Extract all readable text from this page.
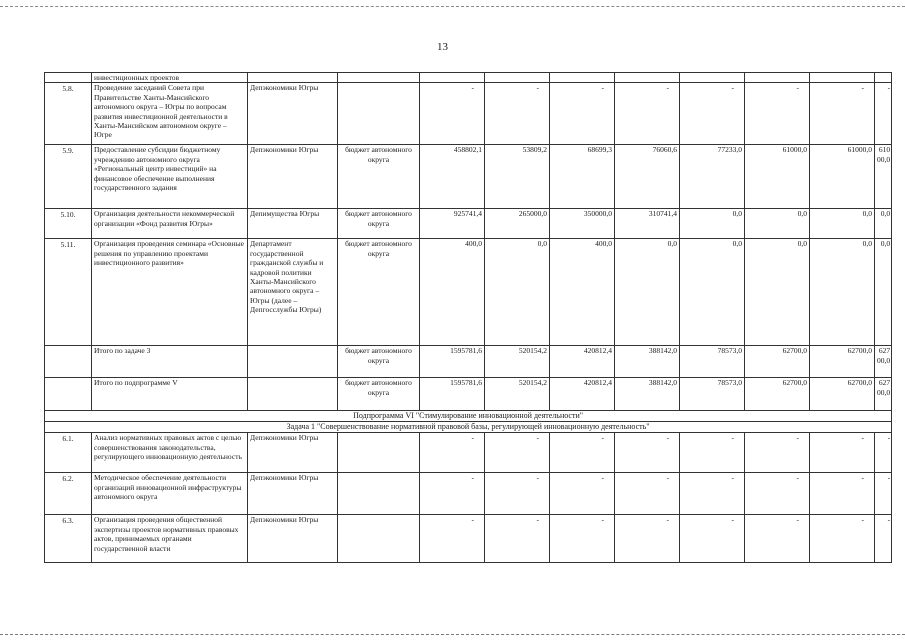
13
	инвестиционных проектов										
5.8.	Проведение заседаний Совета при Правительстве Ханты-Мансийского автономного округа – Югры по вопросам развития инвестиционной деятельности в Ханты-Мансийском автономном округе – Югре	Депэкономики Югры		-	-	-	-	-	-	-	-
5.9.	Предоставление субсидии бюджетному учреждению автономного округа «Региональный центр инвестиций» на финансовое обеспечение выполнения государственного задания	Депэкономики Югры	бюджет автономного округа	458802,1	53809,2	68699,3	76060,6	77233,0	61000,0	61000,0	610 00,0
5.10.	Организация деятельности некоммерческой организации «Фонд развития Югры»	Депимущества Югры	бюджет автономного округа	925741,4	265000,0	350000,0	310741,4	0,0	0,0	0,0	0,0
5.11.	Организация проведения семинара «Основные решения по управлению проектами инвестиционного развития»	Департамент государственной гражданской службы и кадровой политики Ханты-Мансийского автономного округа – Югры (далее – Депгосслужбы Югры)	бюджет автономного округа	400,0	0,0	400,0	0,0	0,0	0,0	0,0	0,0
	Итого по задаче 3		бюджет автономного округа	1595781,6	520154,2	420812,4	388142,0	78573,0	62700,0	62700,0	627 00,0
	Итого по подпрограмме V		бюджет автономного округа	1595781,6	520154,2	420812,4	388142,0	78573,0	62700,0	62700,0	627 00,0
Подпрограмма VI "Стимулирование инновационной деятельности"											
Задача 1 "Совершенствование нормативной правовой базы, регулирующей инновационную деятельность"											
6.1.	Анализ нормативных правовых актов с целью совершенствования законодательства, регулирующего инновационную деятельность	Депэкономики Югры		-	-	-	-	-	-	-	-
6.2.	Методическое обеспечение деятельности организаций инновационной инфраструктуры автономного округа	Депэкономики Югры		-	-	-	-	-	-	-	-
6.3.	Организация проведения общественной экспертизы проектов нормативных правовых актов, принимаемых органами государственной власти	Депэкономики Югры		-	-	-	-	-	-	-	-
